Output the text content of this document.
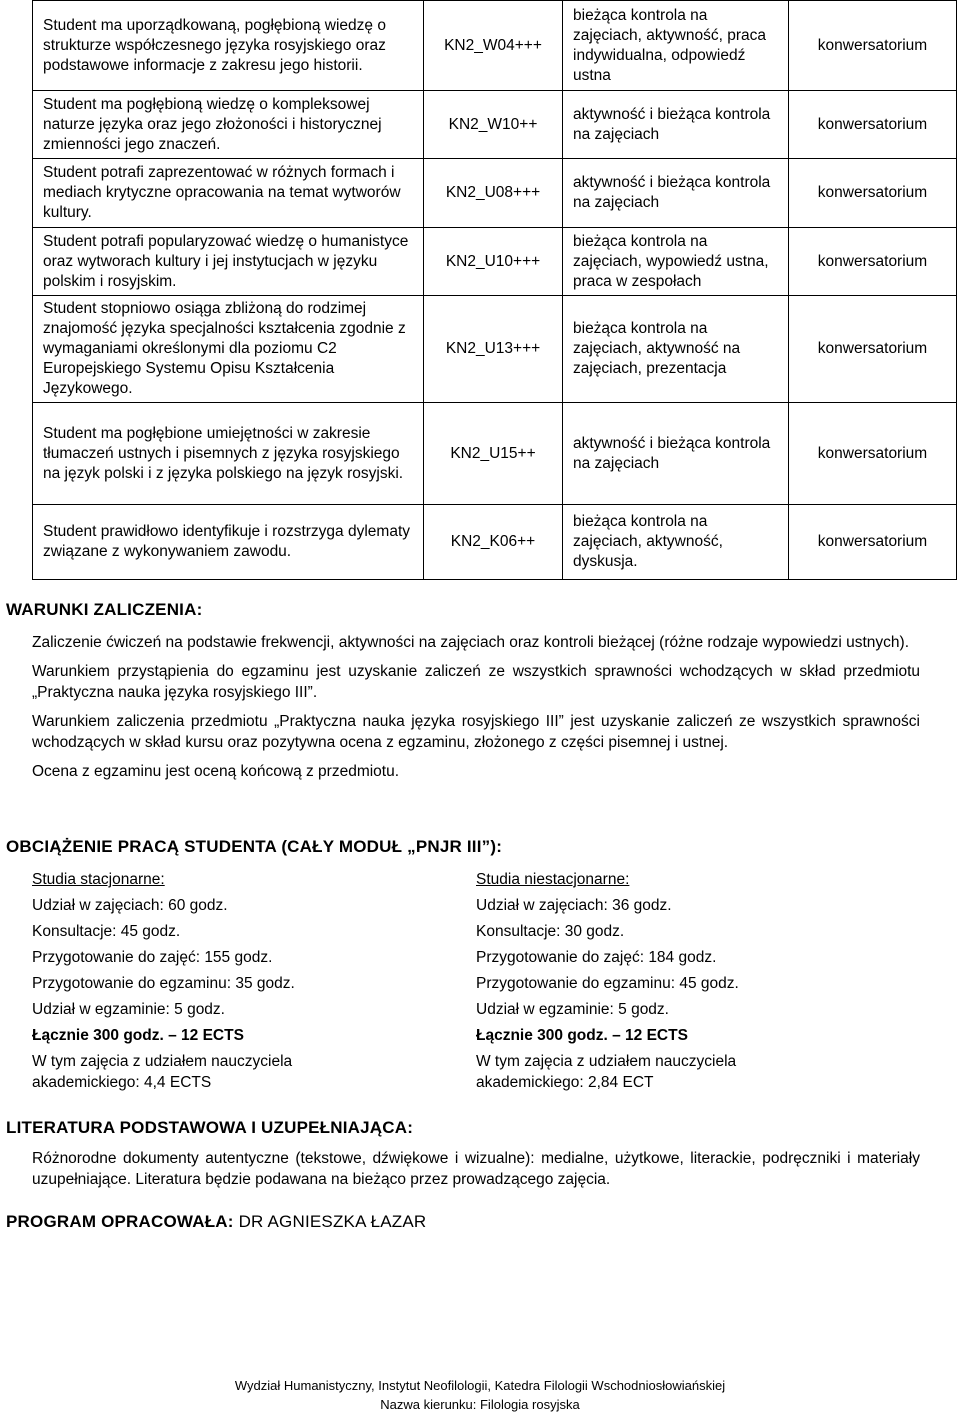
Student ma uporządkowaną, pogłębioną wiedzę o strukturze współczesnego języka rosyjskiego oraz podstawowe informacje z zakresu jego historii.	KN2_W04+++	bieżąca kontrola na zajęciach, aktywność, praca indywidualna, odpowiedź ustna	konwersatorium
Student ma pogłębioną wiedzę o kompleksowej naturze języka oraz jego złożoności i historycznej zmienności jego znaczeń.	KN2_W10++	aktywność i bieżąca kontrola na zajęciach	konwersatorium
Student potrafi zaprezentować w różnych formach i mediach krytyczne opracowania na temat wytworów kultury.	KN2_U08+++	aktywność i bieżąca kontrola na zajęciach	konwersatorium
Student potrafi popularyzować wiedzę o humanistyce oraz wytworach kultury i jej instytucjach w języku polskim i rosyjskim.	KN2_U10+++	bieżąca kontrola na zajęciach, wypowiedź ustna, praca w zespołach	konwersatorium
Student stopniowo osiąga zbliżoną do rodzimej znajomość języka specjalności kształcenia zgodnie z wymaganiami określonymi dla poziomu C2 Europejskiego Systemu Opisu Kształcenia Językowego.	KN2_U13+++	bieżąca kontrola na zajęciach, aktywność na zajęciach, prezentacja	konwersatorium
Student ma pogłębione umiejętności w zakresie tłumaczeń ustnych i pisemnych z języka rosyjskiego na język polski i z języka polskiego na język rosyjski.	KN2_U15++	aktywność i bieżąca kontrola na zajęciach	konwersatorium
Student prawidłowo identyfikuje i rozstrzyga dylematy związane z wykonywaniem zawodu.	KN2_K06++	bieżąca kontrola na zajęciach, aktywność, dyskusja.	konwersatorium
WARUNKI ZALICZENIA:

Zaliczenie ćwiczeń na podstawie frekwencji, aktywności na zajęciach oraz kontroli bieżącej (różne rodzaje wypowiedzi ustnych).

Warunkiem przystąpienia do egzaminu jest uzyskanie zaliczeń ze wszystkich sprawności wchodzących w skład przedmiotu „Praktyczna nauka języka rosyjskiego III”.

Warunkiem zaliczenia przedmiotu „Praktyczna nauka języka rosyjskiego III” jest uzyskanie zaliczeń ze wszystkich sprawności wchodzących w skład kursu oraz pozytywna ocena z egzaminu, złożonego z części pisemnej i ustnej.

Ocena z egzaminu jest oceną końcową z przedmiotu.

OBCIĄŻENIE PRACĄ STUDENTA (CAŁY MODUŁ „PNJR III”):
Studia stacjonarne:
Udział w zajęciach: 60 godz.
Konsultacje: 45 godz.
Przygotowanie do zajęć: 155 godz.
Przygotowanie do egzaminu: 35 godz.
Udział w egzaminie: 5 godz.
Łącznie 300 godz. – 12 ECTS
W tym zajęcia z udziałem nauczyciela akademickiego: 4,4 ECTS
Studia niestacjonarne:
Udział w zajęciach: 36 godz.
Konsultacje: 30 godz.
Przygotowanie do zajęć: 184 godz.
Przygotowanie do egzaminu: 45 godz.
Udział w egzaminie: 5 godz.
Łącznie 300 godz. – 12 ECTS
W tym zajęcia z udziałem nauczyciela akademickiego: 2,84 ECT
LITERATURA PODSTAWOWA I UZUPEŁNIAJĄCA:

Różnorodne dokumenty autentyczne (tekstowe, dźwiękowe i wizualne): medialne, użytkowe, literackie, podręczniki i materiały uzupełniające. Literatura będzie podawana na bieżąco przez prowadzącego zajęcia.

PROGRAM OPRACOWAŁA: DR AGNIESZKA ŁAZAR
Wydział Humanistyczny, Instytut Neofilologii, Katedra Filologii Wschodniosłowiańskiej
Nazwa kierunku: Filologia rosyjska
